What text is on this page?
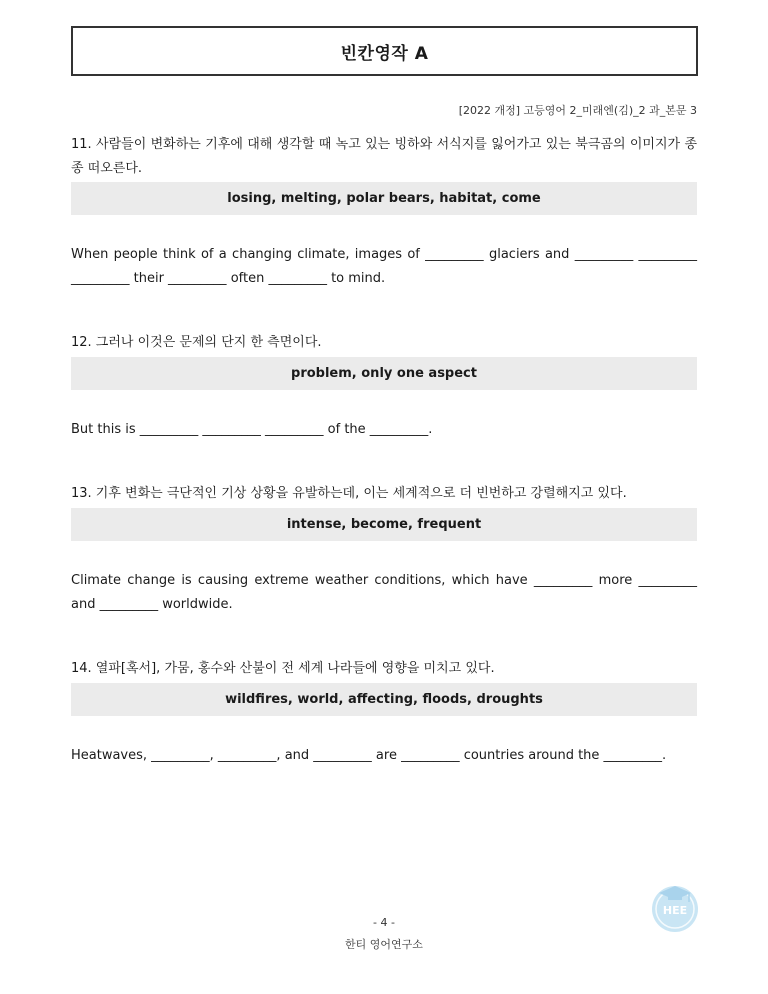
빈칸영작 A
[2022 개정] 고등영어 2_미래엔(김)_2 과_본문 3
11. 사람들이 변화하는 기후에 대해 생각할 때 녹고 있는 빙하와 서식지를 잃어가고 있는 북극곰의 이미지가 종종 떠오른다.
losing, melting, polar bears, habitat, come
When people think of a changing climate, images of _________ glaciers and _________ _________ _________ their _________ often _________ to mind.
12. 그러나 이것은 문제의 단지 한 측면이다.
problem, only one aspect
But this is _________ _________ _________ of the _________.
13. 기후 변화는 극단적인 기상 상황을 유발하는데, 이는 세계적으로 더 빈번하고 강렬해지고 있다.
intense, become, frequent
Climate change is causing extreme weather conditions, which have _________ more _________ and _________ worldwide.
14. 열파[혹서], 가뭄, 홍수와 산불이 전 세계 나라들에 영향을 미치고 있다.
wildfires, world, affecting, floods, droughts
Heatwaves, _________, _________, and _________ are _________ countries around the _________.
- 4 -
한티 영어연구소
HEE
